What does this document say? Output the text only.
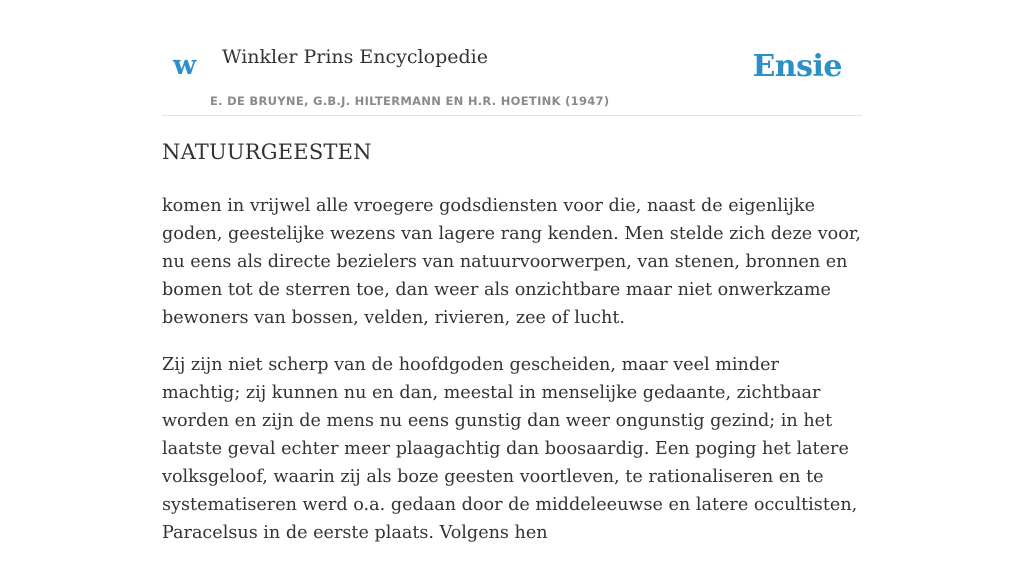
w Winkler Prins Encyclopedie
E. DE BRUYNE, G.B.J. HILTERMANN EN H.R. HOETINK (1947)
Ensie
NATUURGEESTEN

komen in vrijwel alle vroegere godsdiensten voor die, naast de eigenlijke goden, geestelijke wezens van lagere rang kenden. Men stelde zich deze voor, nu eens als directe bezielers van natuurvoorwerpen, van stenen, bronnen en bomen tot de sterren toe, dan weer als onzichtbare maar niet onwerkzame bewoners van bossen, velden, rivieren, zee of lucht.

Zij zijn niet scherp van de hoofdgoden gescheiden, maar veel minder machtig; zij kunnen nu en dan, meestal in menselijke gedaante, zichtbaar worden en zijn de mens nu eens gunstig dan weer ongunstig gezind; in het laatste geval echter meer plaagachtig dan boosaardig. Een poging het latere volksgeloof, waarin zij als boze geesten voortleven, te rationaliseren en te systematiseren werd o.a. gedaan door de middeleeuwse en latere occultisten, Paracelsus in de eerste plaats. Volgens hen
